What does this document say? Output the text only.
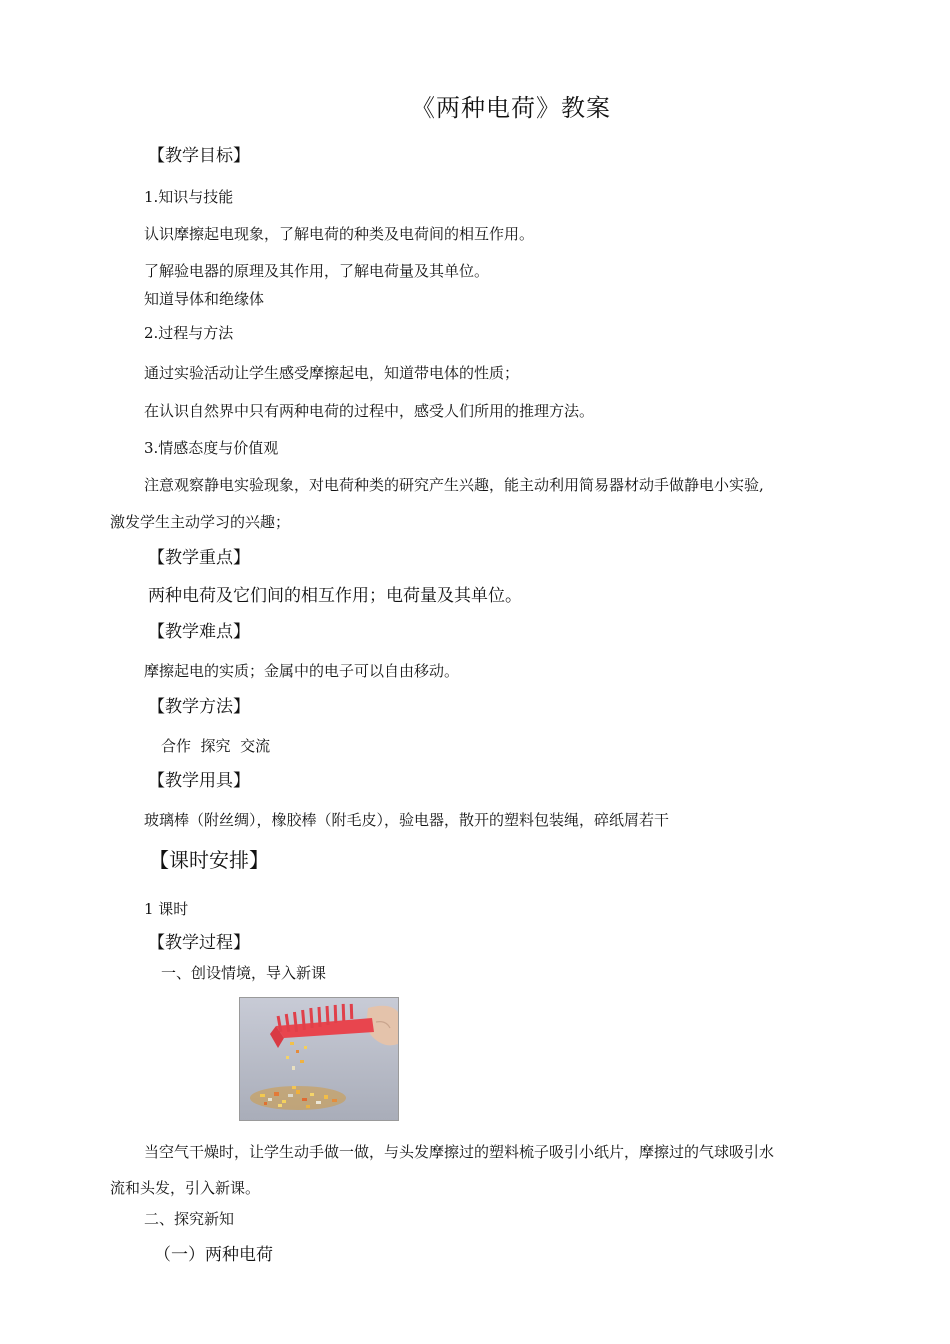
《两种电荷》教案
【教学目标】
1.知识与技能
认识摩擦起电现象，了解电荷的种类及电荷间的相互作用。
了解验电器的原理及其作用，了解电荷量及其单位。
知道导体和绝缘体
2.过程与方法
通过实验活动让学生感受摩擦起电，知道带电体的性质；
在认识自然界中只有两种电荷的过程中，感受人们所用的推理方法。
3.情感态度与价值观
注意观察静电实验现象，对电荷种类的研究产生兴趣，能主动利用简易器材动手做静电小实验,
激发学生主动学习的兴趣；
【教学重点】
两种电荷及它们间的相互作用；电荷量及其单位。
【教学难点】
摩擦起电的实质；金属中的电子可以自由移动。
【教学方法】
合作  探究  交流
【教学用具】
玻璃棒（附丝绸），橡胶棒（附毛皮），验电器，散开的塑料包装绳，碎纸屑若干
【课时安排】
1 课时
【教学过程】
一、创设情境，导入新课
当空气干燥时，让学生动手做一做，与头发摩擦过的塑料梳子吸引小纸片，摩擦过的气球吸引水
流和头发，引入新课。
二、探究新知
（一）两种电荷
